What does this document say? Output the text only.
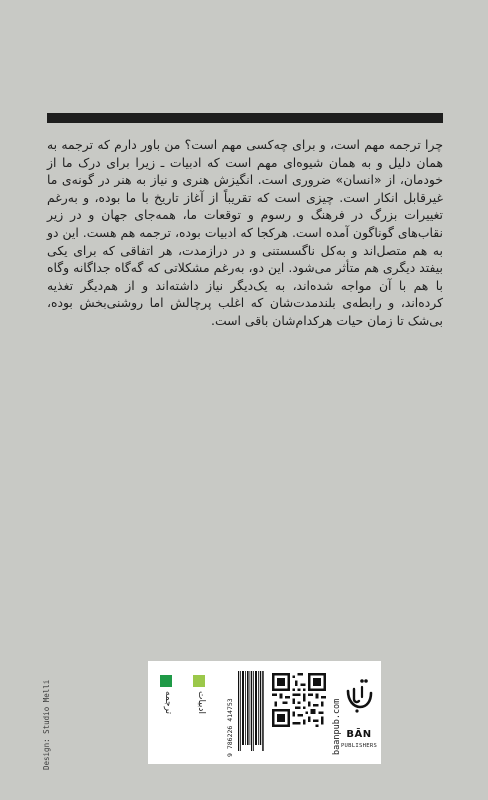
چرا ترجمه مهم است، و برای چه‌کسی مهم است؟ من باور دارم که ترجمه به همان دلیل و به همان شیوه‌ای مهم است که ادبیات ـ زیرا برای درک ما از خودمان، از «انسان» ضروری است. انگیزش هنری و نیاز به هنر در گونه‌ی ما غیرقابل انکار است. چیزی است که تقریباً از آغاز تاریخ با ما بوده، و به‌رغم تغییرات بزرگ در فرهنگ و رسوم و توقعات ما، همه‌جای جهان و در زیر نقاب‌های گوناگون آمده است. هرکجا که ادبیات بوده، ترجمه هم هست. این دو به هم متصل‌اند و به‌کل ناگسستنی و در درازمدت، هر اتفاقی که برای یکی بیفتد دیگری هم متأثر می‌شود. این دو، به‌رغم مشکلاتی که گه‌گاه جداگانه وگاه با هم با آن مواجه شده‌اند، به یک‌دیگر نیاز داشته‌اند و از هم‌دیگر تغذیه کرده‌اند، و رابطه‌ی بلندمدت‌شان که اغلب پرچالش اما روشنی‌بخش بوده، بی‌شک تا زمان حیات هرکدام‌شان باقی است.
Design: Studio Melli	ترجمه	ادبیات	9 786226 414753	baanpub.com BĀN
PUBLISHERS
